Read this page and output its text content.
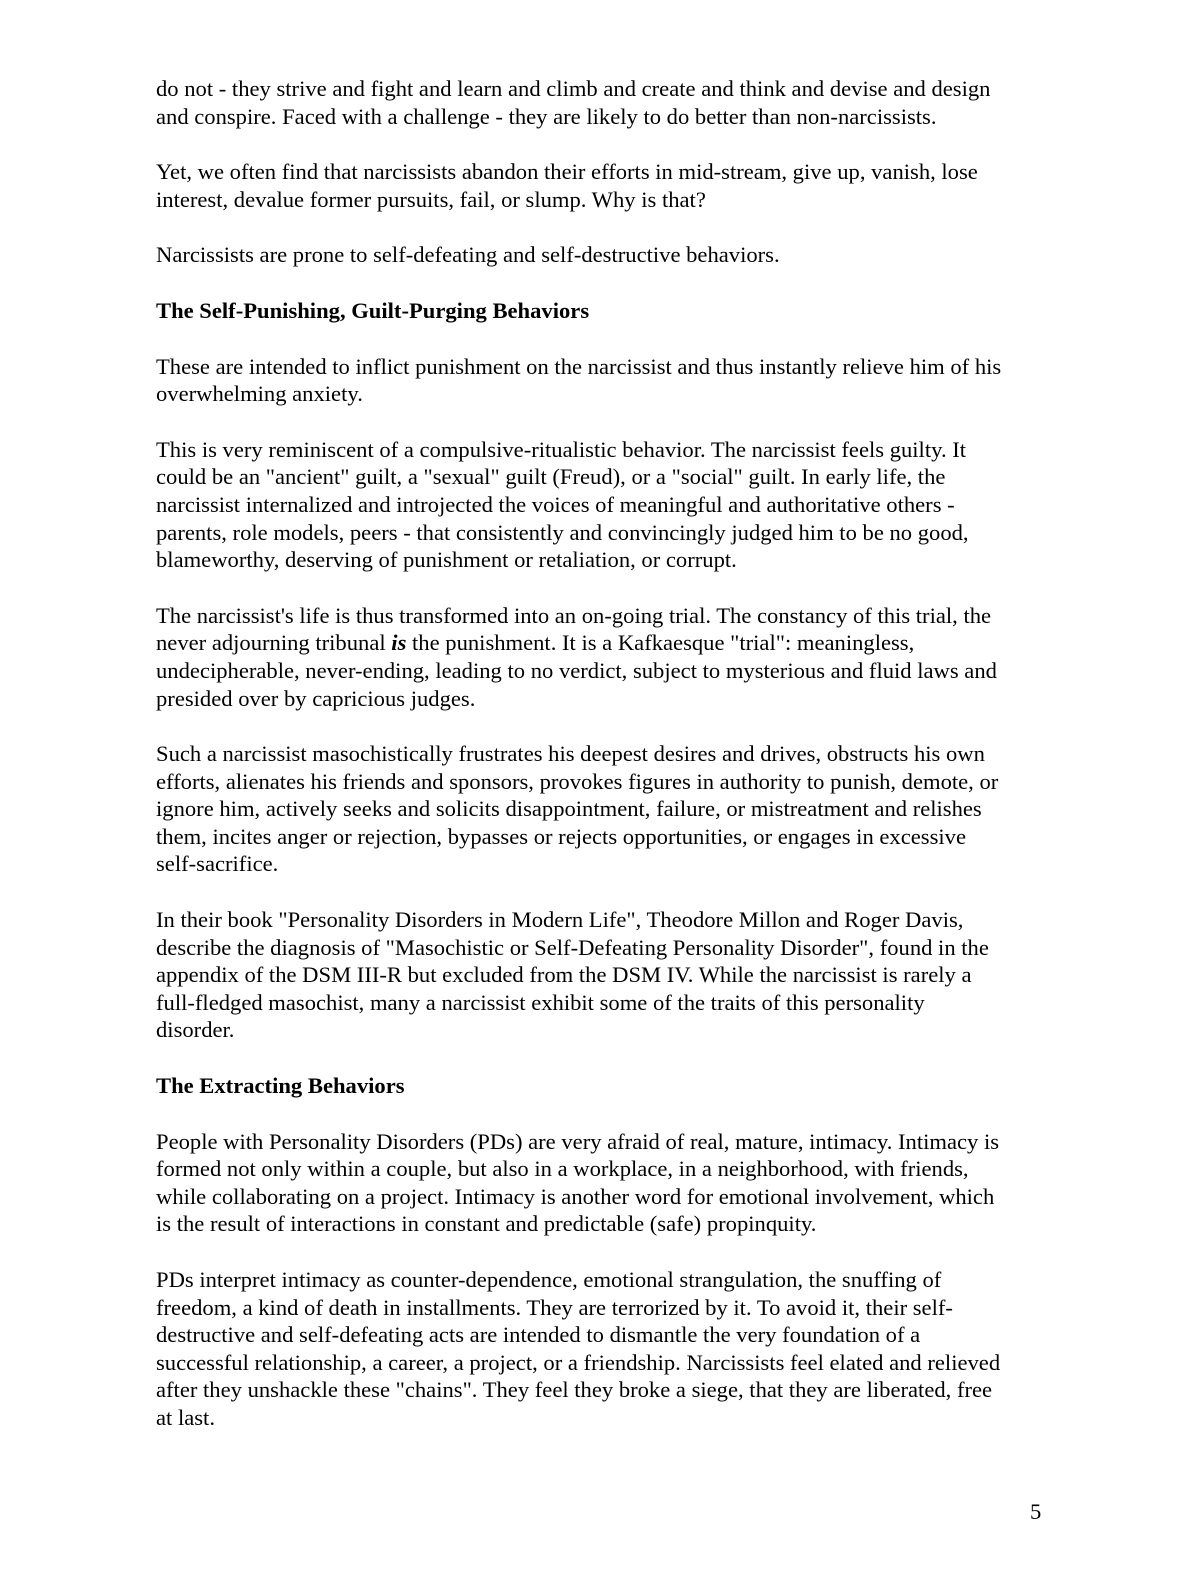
do not - they strive and fight and learn and climb and create and think and devise and design
and conspire. Faced with a challenge - they are likely to do better than non-narcissists.

Yet, we often find that narcissists abandon their efforts in mid-stream, give up, vanish, lose
interest, devalue former pursuits, fail, or slump. Why is that?

Narcissists are prone to self-defeating and self-destructive behaviors.

The Self-Punishing, Guilt-Purging Behaviors

These are intended to inflict punishment on the narcissist and thus instantly relieve him of his
overwhelming anxiety.

This is very reminiscent of a compulsive-ritualistic behavior. The narcissist feels guilty. It
could be an "ancient" guilt, a "sexual" guilt (Freud), or a "social" guilt. In early life, the
narcissist internalized and introjected the voices of meaningful and authoritative others -
parents, role models, peers - that consistently and convincingly judged him to be no good,
blameworthy, deserving of punishment or retaliation, or corrupt.

The narcissist's life is thus transformed into an on-going trial. The constancy of this trial, the
never adjourning tribunal is the punishment. It is a Kafkaesque "trial": meaningless,
undecipherable, never-ending, leading to no verdict, subject to mysterious and fluid laws and
presided over by capricious judges.

Such a narcissist masochistically frustrates his deepest desires and drives, obstructs his own
efforts, alienates his friends and sponsors, provokes figures in authority to punish, demote, or
ignore him, actively seeks and solicits disappointment, failure, or mistreatment and relishes
them, incites anger or rejection, bypasses or rejects opportunities, or engages in excessive
self-sacrifice.

In their book "Personality Disorders in Modern Life", Theodore Millon and Roger Davis,
describe the diagnosis of "Masochistic or Self-Defeating Personality Disorder", found in the
appendix of the DSM III-R but excluded from the DSM IV. While the narcissist is rarely a
full-fledged masochist, many a narcissist exhibit some of the traits of this personality
disorder.

The Extracting Behaviors

People with Personality Disorders (PDs) are very afraid of real, mature, intimacy. Intimacy is
formed not only within a couple, but also in a workplace, in a neighborhood, with friends,
while collaborating on a project. Intimacy is another word for emotional involvement, which
is the result of interactions in constant and predictable (safe) propinquity.

PDs interpret intimacy as counter-dependence, emotional strangulation, the snuffing of
freedom, a kind of death in installments. They are terrorized by it. To avoid it, their self-
destructive and self-defeating acts are intended to dismantle the very foundation of a
successful relationship, a career, a project, or a friendship. Narcissists feel elated and relieved
after they unshackle these "chains". They feel they broke a siege, that they are liberated, free
at last.

5
